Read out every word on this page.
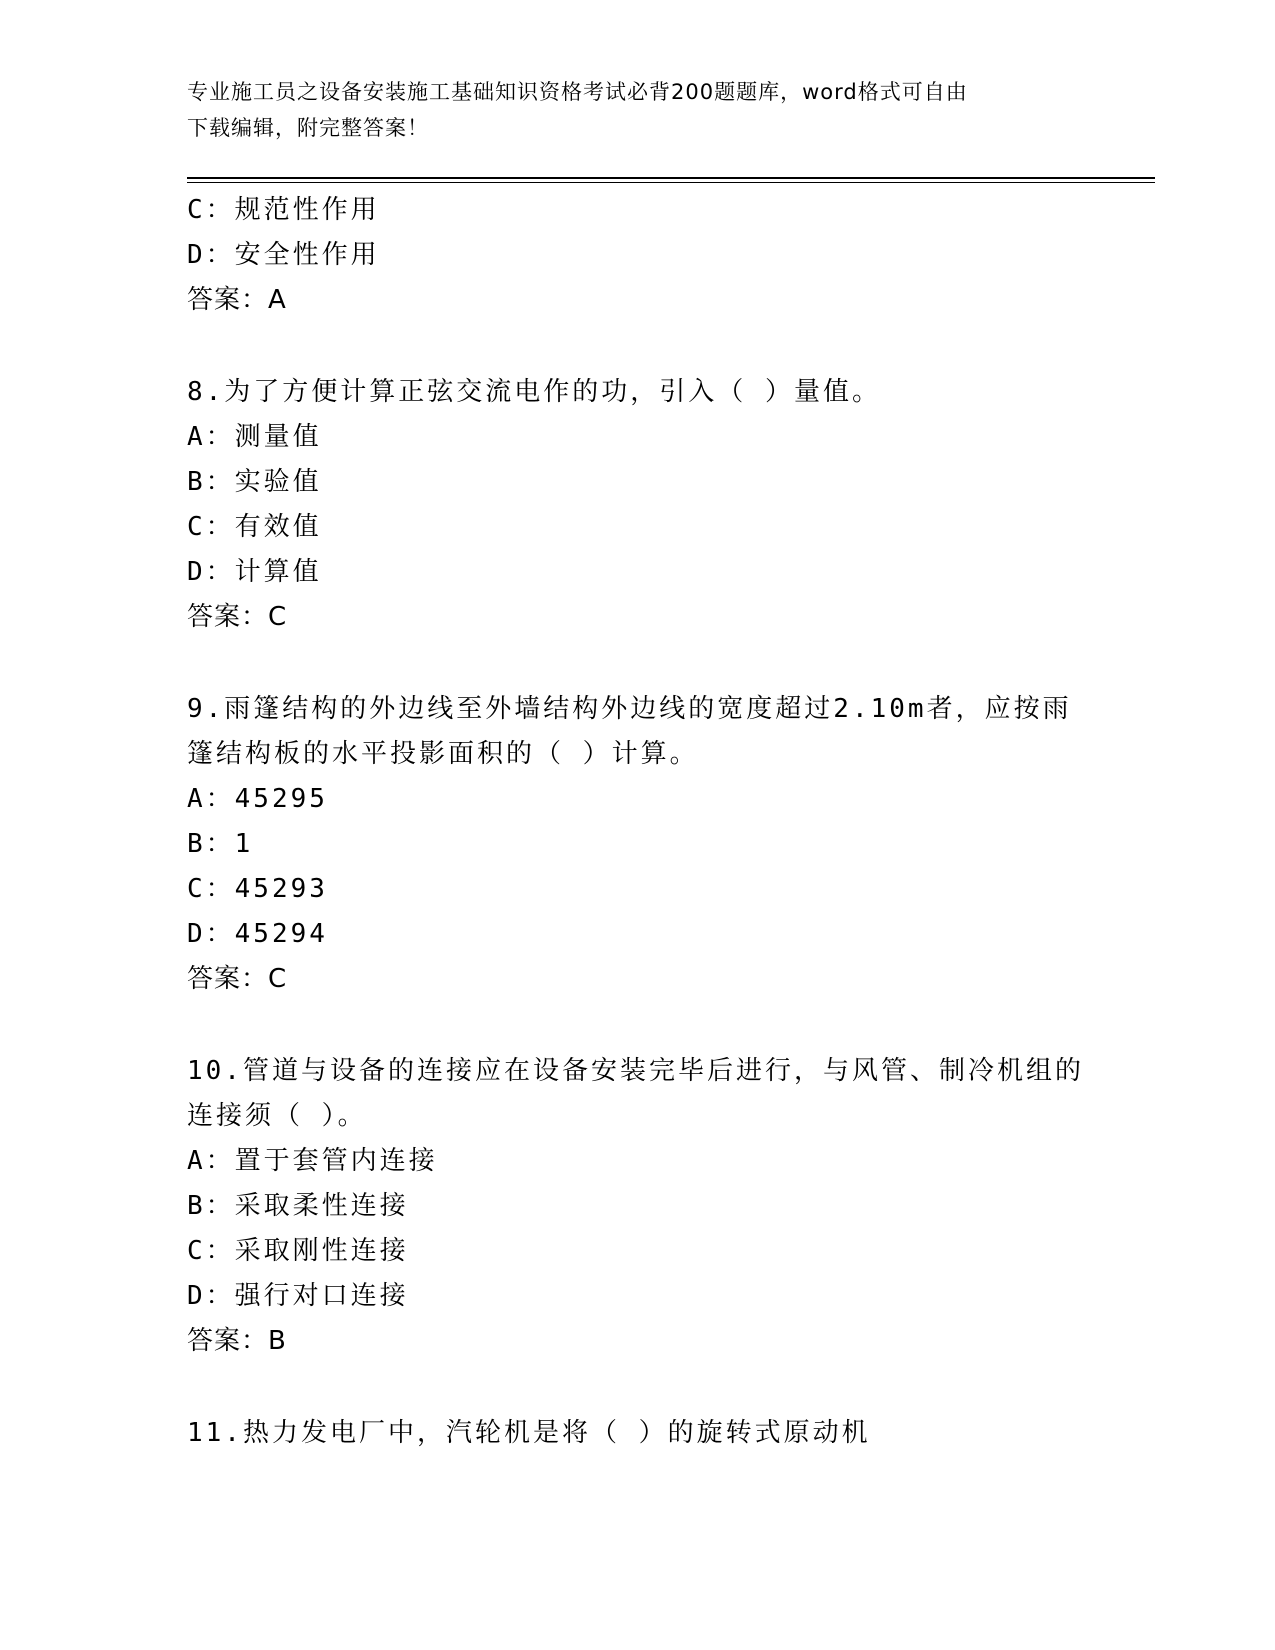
专业施工员之设备安装施工基础知识资格考试必背200题题库，word格式可自由
下载编辑，附完整答案！
C：规范性作用
D：安全性作用
答案：A
8.为了方便计算正弦交流电作的功，引入（ ）量值。
A：测量值
B：实验值
C：有效值
D：计算值
答案：C
9.雨篷结构的外边线至外墙结构外边线的宽度超过2.10m者，应按雨
篷结构板的水平投影面积的（ ）计算。
A：45295
B：1
C：45293
D：45294
答案：C
10.管道与设备的连接应在设备安装完毕后进行，与风管、制冷机组的
连接须（ ）。
A：置于套管内连接
B：采取柔性连接
C：采取刚性连接
D：强行对口连接
答案：B
11.热力发电厂中，汽轮机是将（ ）的旋转式原动机
